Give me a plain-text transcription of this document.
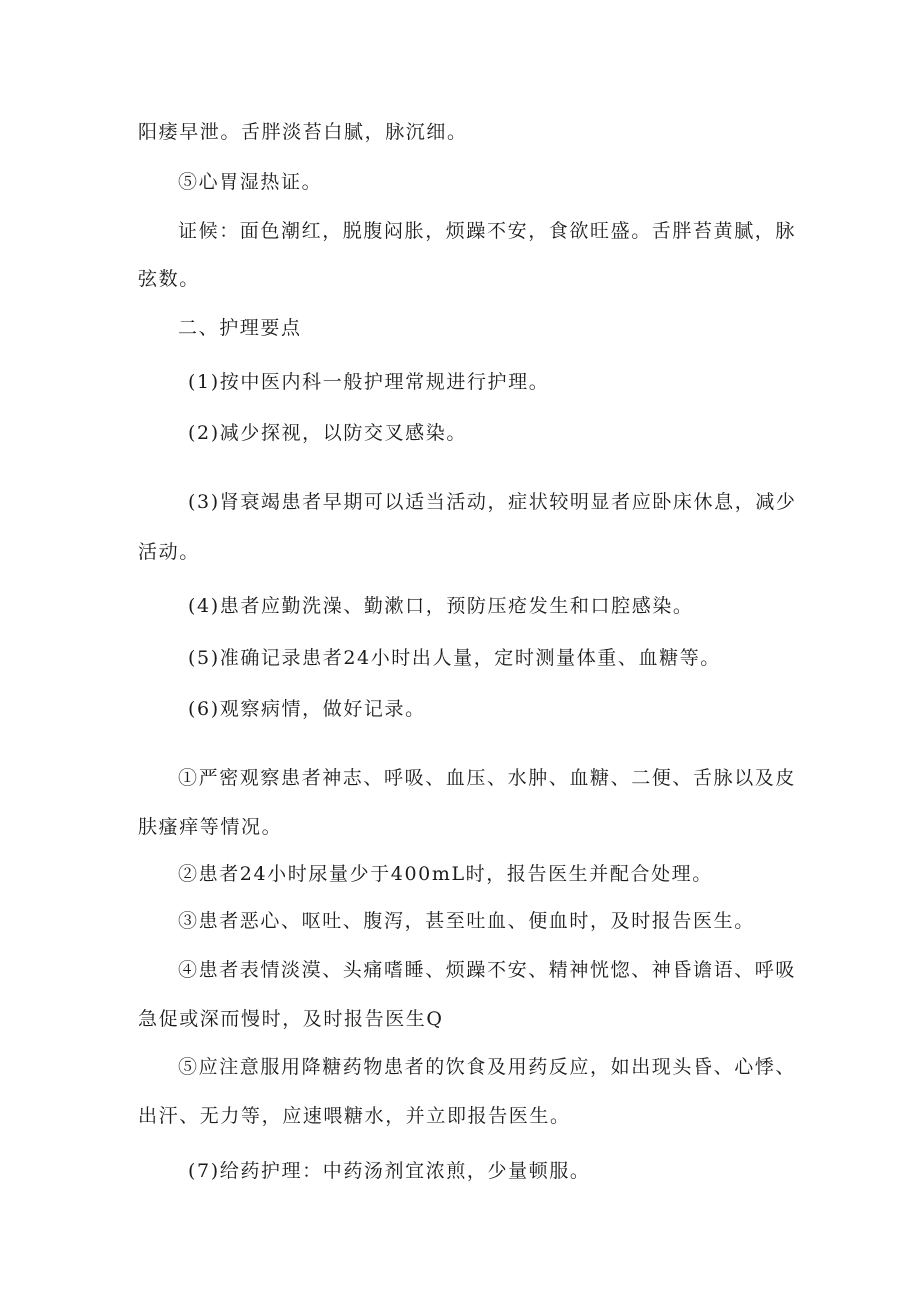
阳痿早泄。舌胖淡苔白腻，脉沉细。
⑤心胃湿热证。
证候：面色潮红，脱腹闷胀，烦躁不安，食欲旺盛。舌胖苔黄腻，脉
弦数。
二、护理要点
(1)按中医内科一般护理常规进行护理。
(2)减少探视，以防交叉感染。
(3)肾衰竭患者早期可以适当活动，症状较明显者应卧床休息，减少
活动。
(4)患者应勤洗澡、勤漱口，预防压疮发生和口腔感染。
(5)准确记录患者24小时出人量，定时测量体重、血糖等。
(6)观察病情，做好记录。
①严密观察患者神志、呼吸、血压、水肿、血糖、二便、舌脉以及皮
肤瘙痒等情况。
②患者24小时尿量少于400mL时，报告医生并配合处理。
③患者恶心、呕吐、腹泻，甚至吐血、便血时，及时报告医生。
④患者表情淡漠、头痛嗜睡、烦躁不安、精神恍惚、神昏谵语、呼吸
急促或深而慢时，及时报告医生Q
⑤应注意服用降糖药物患者的饮食及用药反应，如出现头昏、心悸、
出汗、无力等，应速喂糖水，并立即报告医生。
(7)给药护理：中药汤剂宜浓煎，少量顿服。
